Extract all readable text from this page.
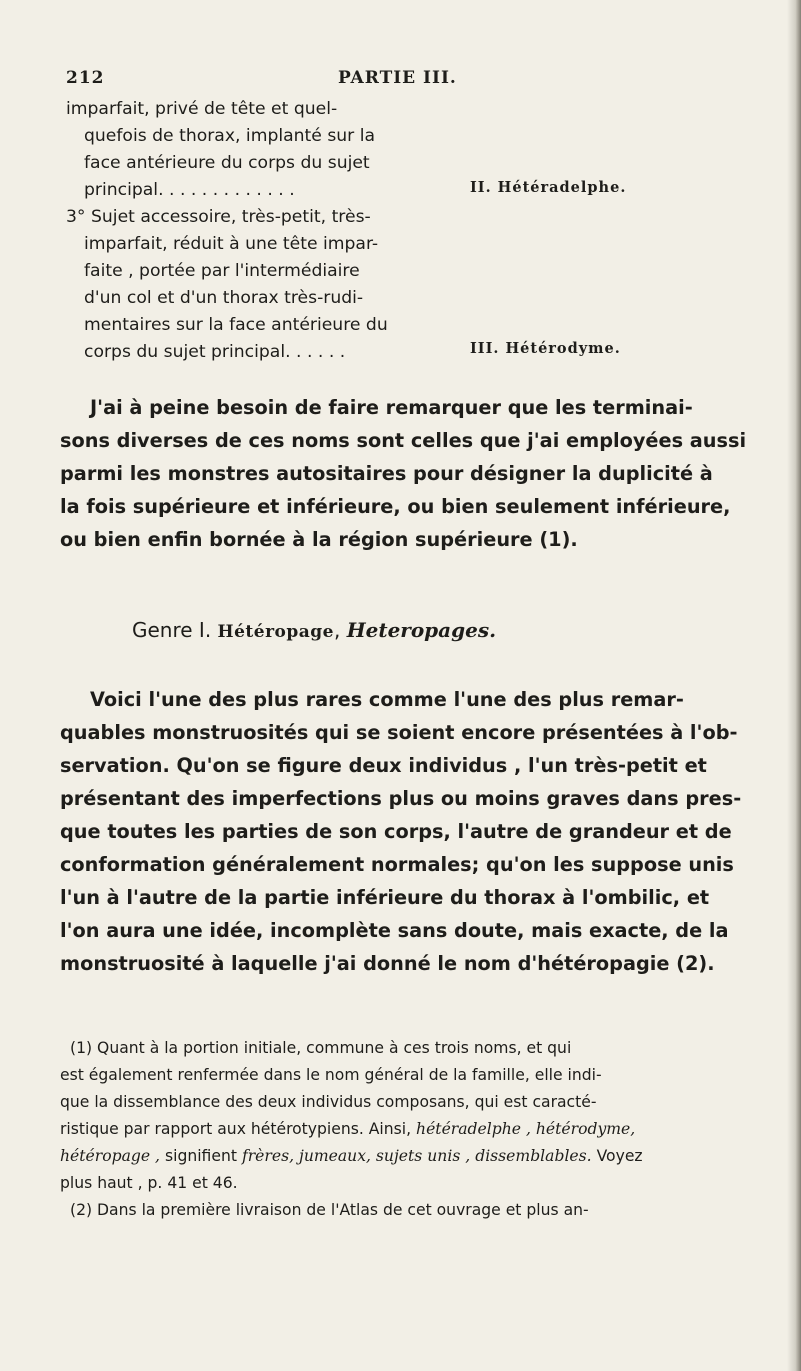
212	PARTIE III.
imparfait, privé de tête et quel-
quefois de thorax, implanté sur la
face antérieure du corps du sujet
principal. . . . . . . . . . . . .	II. Hétéradelphe.
3° Sujet accessoire, très-petit, très-
imparfait, réduit à une tête impar-
faite , portée par l'intermédiaire
d'un col et d'un thorax très-rudi-
mentaires sur la face antérieure du
corps du sujet principal. . . . . .	III. Hétérodyme.
J'ai à peine besoin de faire remarquer que les terminai-
sons diverses de ces noms sont celles que j'ai employées aussi
parmi les monstres autositaires pour désigner la duplicité à
la fois supérieure et inférieure, ou bien seulement inférieure,
ou bien enfin bornée à la région supérieure (1).
Genre I. Hétéropage, Heteropages.
Voici l'une des plus rares comme l'une des plus remar-
quables monstruosités qui se soient encore présentées à l'ob-
servation. Qu'on se figure deux individus , l'un très-petit et
présentant des imperfections plus ou moins graves dans pres-
que toutes les parties de son corps, l'autre de grandeur et de
conformation généralement normales; qu'on les suppose unis
l'un à l'autre de la partie inférieure du thorax à l'ombilic, et
l'on aura une idée, incomplète sans doute, mais exacte, de la
monstruosité à laquelle j'ai donné le nom d'hétéropagie (2).
(1) Quant à la portion initiale, commune à ces trois noms, et qui
est également renfermée dans le nom général de la famille, elle indi-
que la dissemblance des deux individus composans, qui est caracté-
ristique par rapport aux hétérotypiens. Ainsi, hétéradelphe , hétérodyme,
hétéropage , signifient frères, jumeaux, sujets unis , dissemblables. Voyez
plus haut , p. 41 et 46.
(2) Dans la première livraison de l'Atlas de cet ouvrage et plus an-
